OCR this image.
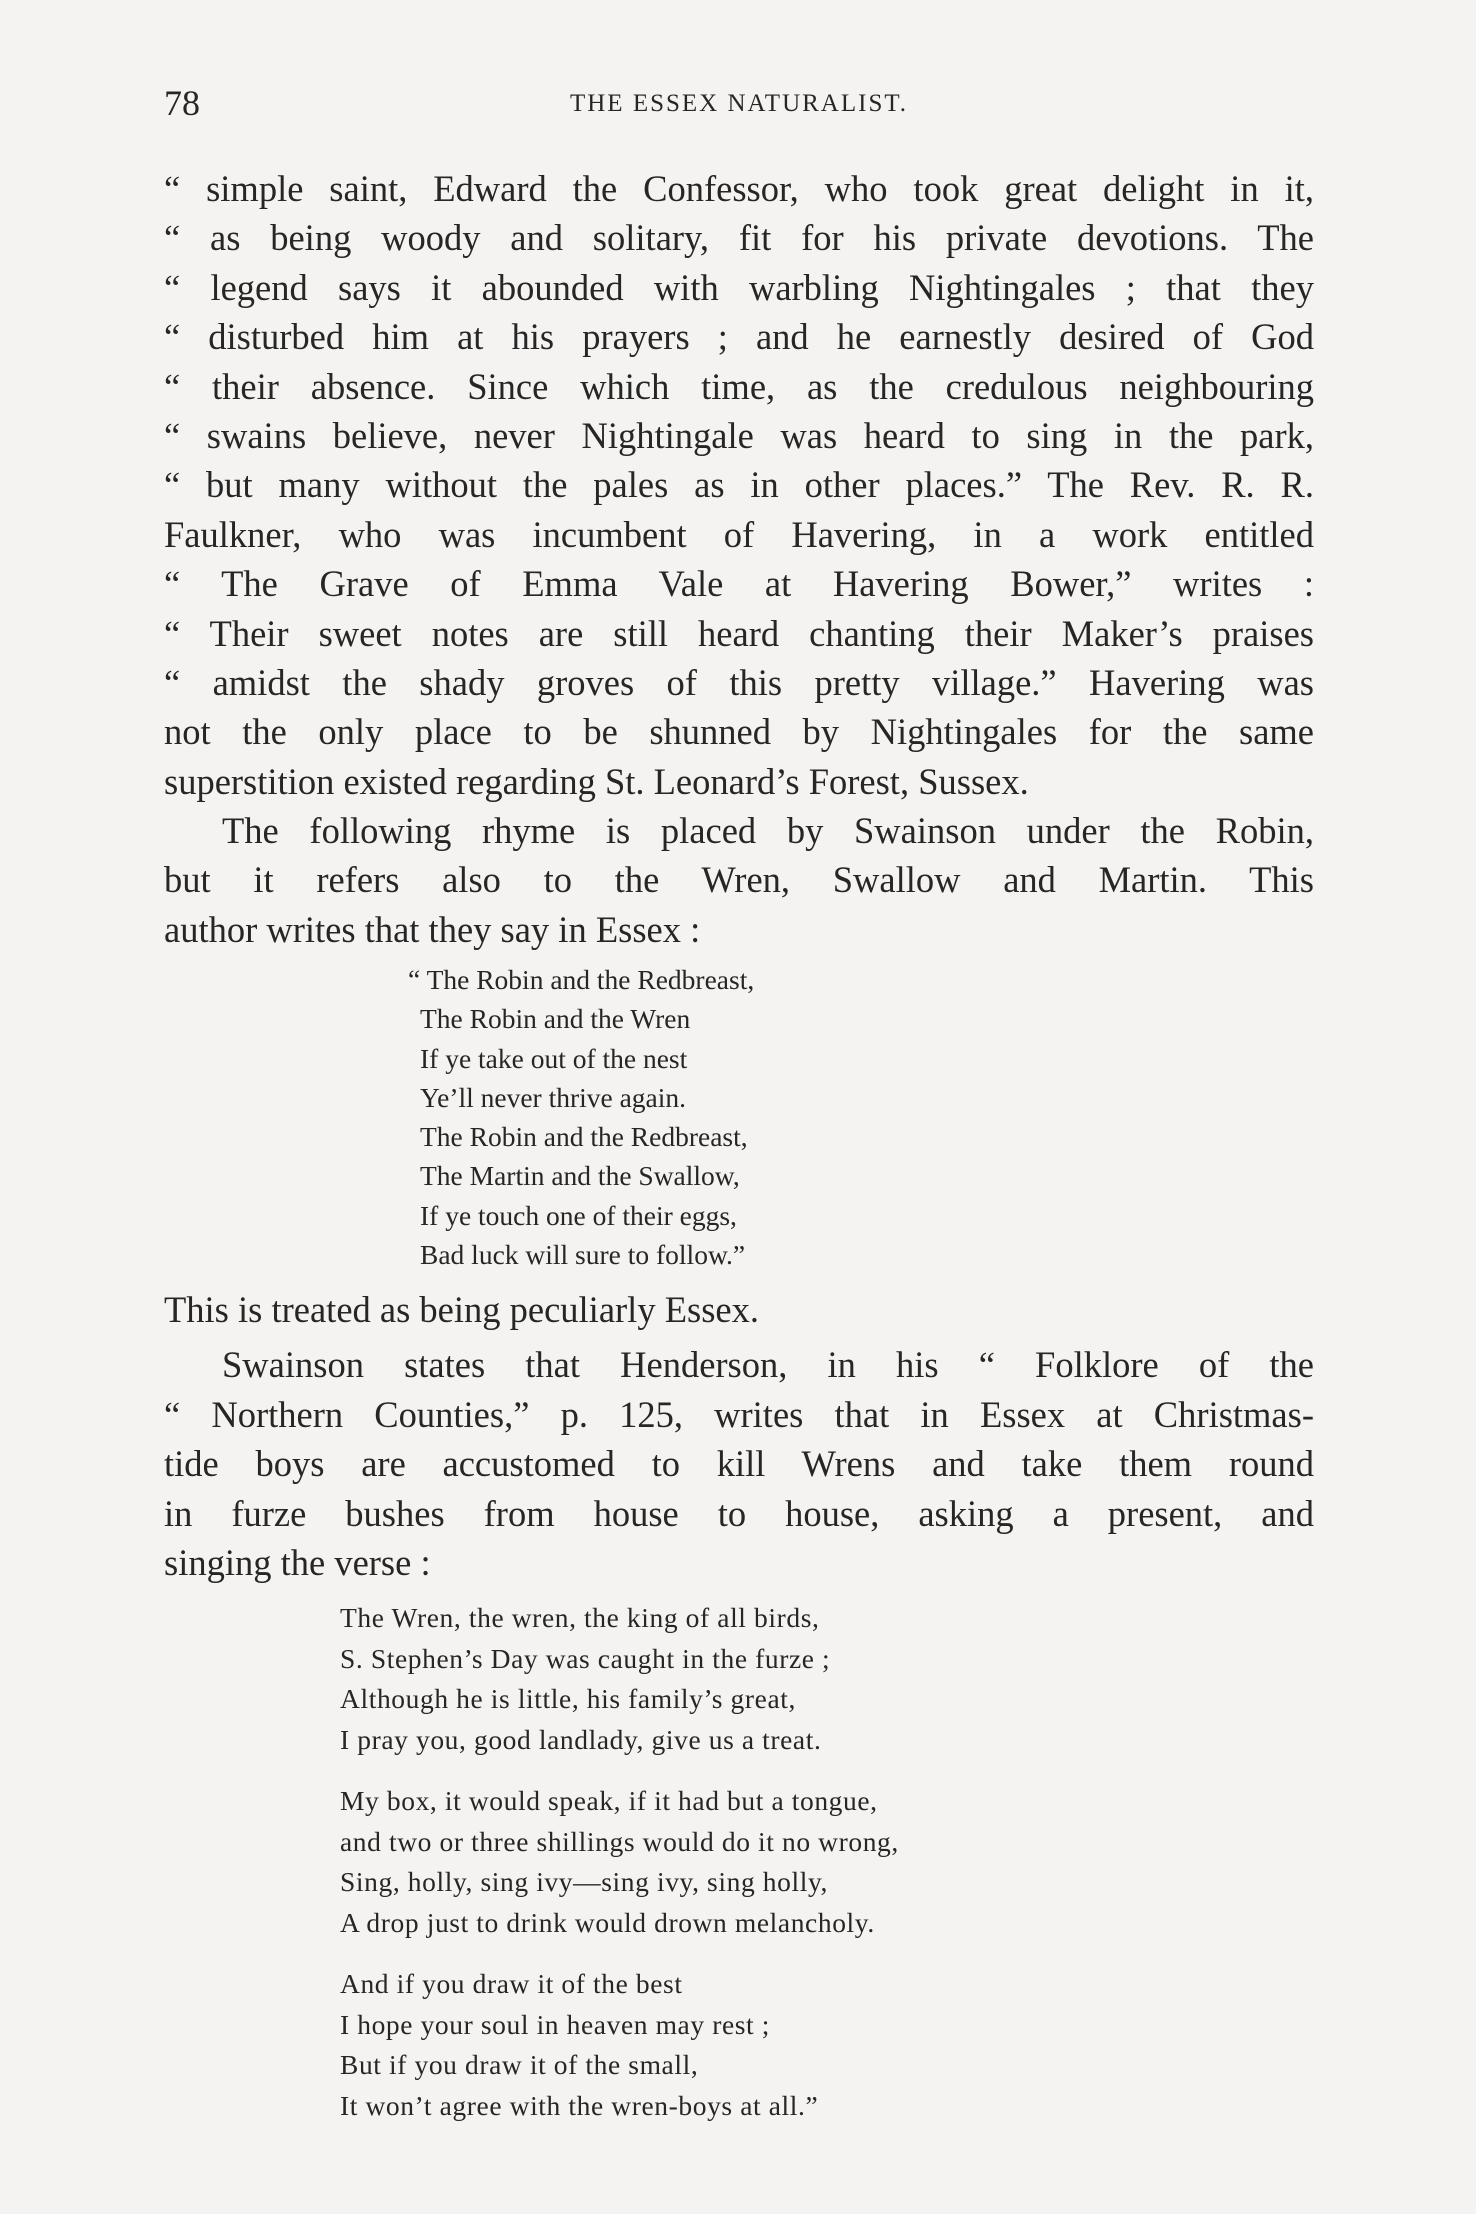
78	THE ESSEX NATURALIST.
“ simple saint, Edward the Confessor, who took great delight in it,
“ as being woody and solitary, fit for his private devotions. The
“ legend says it abounded with warbling Nightingales ; that they
“ disturbed him at his prayers ; and he earnestly desired of God
“ their absence. Since which time, as the credulous neighbouring
“ swains believe, never Nightingale was heard to sing in the park,
“ but many without the pales as in other places.” The Rev. R. R.
Faulkner, who was incumbent of Havering, in a work entitled
“ The Grave of Emma Vale at Havering Bower,” writes :
“ Their sweet notes are still heard chanting their Maker’s praises
“ amidst the shady groves of this pretty village.” Havering was
not the only place to be shunned by Nightingales for the same
superstition existed regarding St. Leonard’s Forest, Sussex.
The following rhyme is placed by Swainson under the Robin,
but it refers also to the Wren, Swallow and Martin. This
author writes that they say in Essex :
“ The Robin and the Redbreast,
The Robin and the Wren
If ye take out of the nest
Ye’ll never thrive again.
The Robin and the Redbreast,
The Martin and the Swallow,
If ye touch one of their eggs,
Bad luck will sure to follow.”
This is treated as being peculiarly Essex.
Swainson states that Henderson, in his “ Folklore of the
“ Northern Counties,” p. 125, writes that in Essex at Christmas-
tide boys are accustomed to kill Wrens and take them round
in furze bushes from house to house, asking a present, and
singing the verse :
The Wren, the wren, the king of all birds,
S. Stephen’s Day was caught in the furze ;
Although he is little, his family’s great,
I pray you, good landlady, give us a treat.
My box, it would speak, if it had but a tongue,
and two or three shillings would do it no wrong,
Sing, holly, sing ivy—sing ivy, sing holly,
A drop just to drink would drown melancholy.
And if you draw it of the best
I hope your soul in heaven may rest ;
But if you draw it of the small,
It won’t agree with the wren-boys at all.”
